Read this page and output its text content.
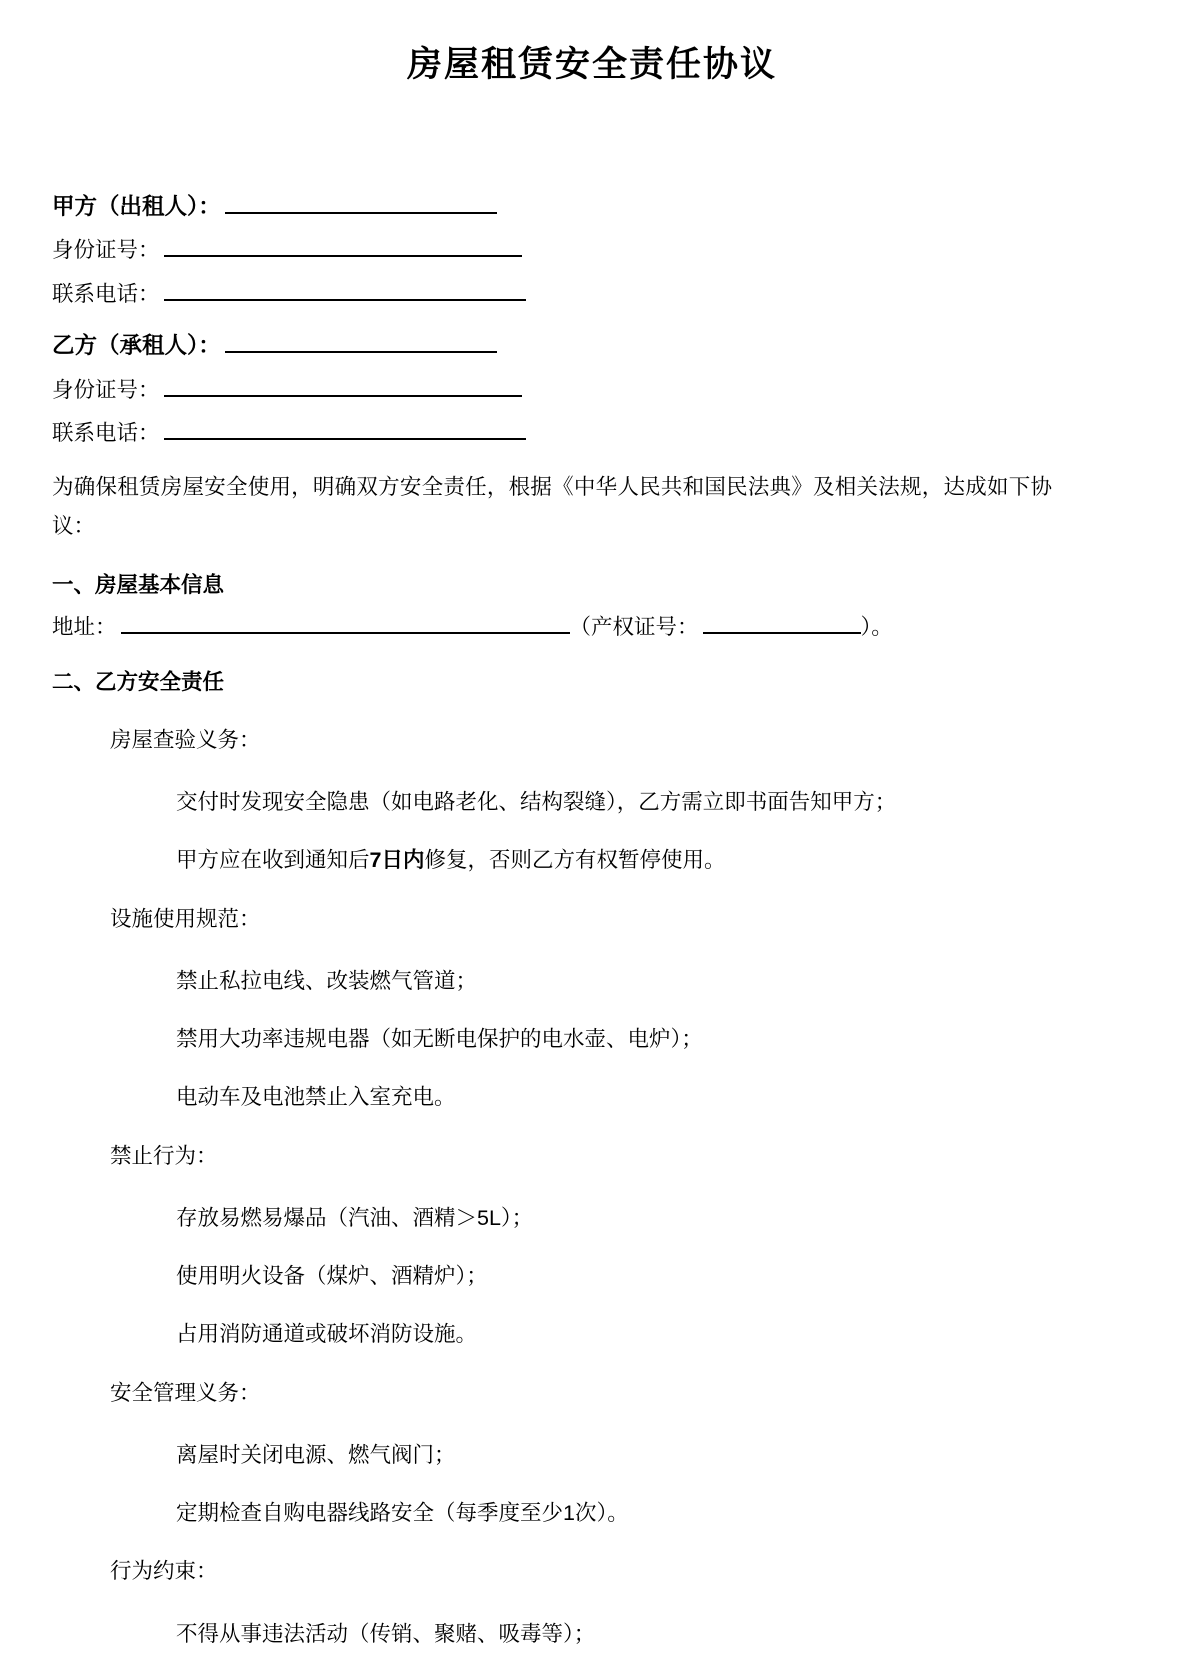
房屋租赁安全责任协议
甲方（出租人）：
身份证号：
联系电话：
乙方（承租人）：
身份证号：
联系电话：

为确保租赁房屋安全使用，明确双方安全责任，根据《中华人民共和国民法典》及相关法规，达成如下协议：

一、房屋基本信息
地址：	（产权证号：	）。
二、乙方安全责任
房屋查验义务：
交付时发现安全隐患（如电路老化、结构裂缝），乙方需立即书面告知甲方；
甲方应在收到通知后7日内修复，否则乙方有权暂停使用。
设施使用规范：
禁止私拉电线、改装燃气管道；
禁用大功率违规电器（如无断电保护的电水壶、电炉）；
电动车及电池禁止入室充电。
禁止行为：
存放易燃易爆品（汽油、酒精＞5L）；
使用明火设备（煤炉、酒精炉）；
占用消防通道或破坏消防设施。
安全管理义务：
离屋时关闭电源、燃气阀门；
定期检查自购电器线路安全（每季度至少1次）。
行为约束：
不得从事违法活动（传销、聚赌、吸毒等）；
